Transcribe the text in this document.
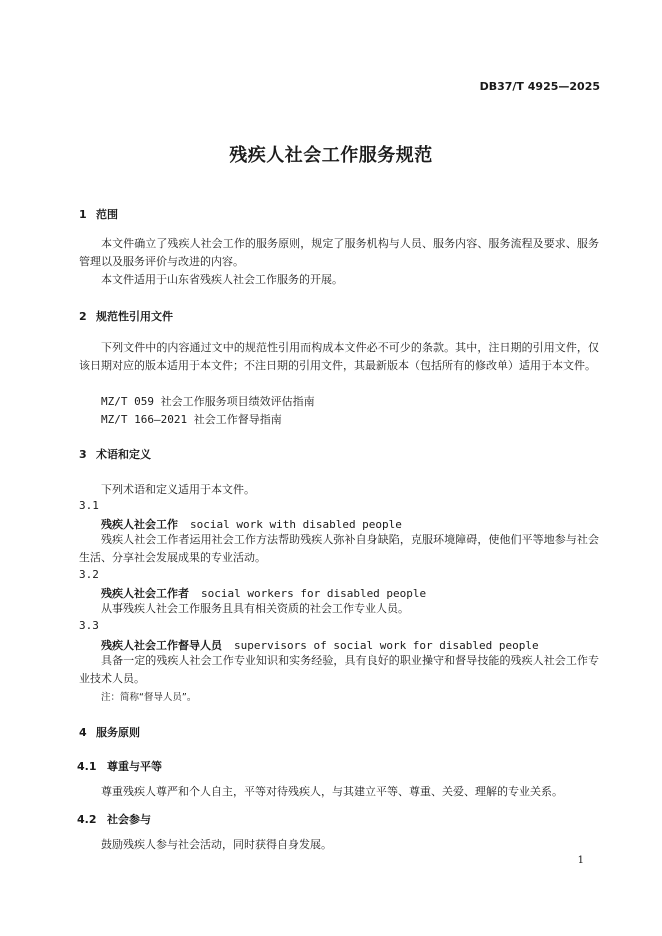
DB37/T 4925—2025
残疾人社会工作服务规范
1 范围
本文件确立了残疾人社会工作的服务原则，规定了服务机构与人员、服务内容、服务流程及要求、服务管理以及服务评价与改进的内容。
本文件适用于山东省残疾人社会工作服务的开展。
2 规范性引用文件
下列文件中的内容通过文中的规范性引用而构成本文件必不可少的条款。其中，注日期的引用文件，仅该日期对应的版本适用于本文件；不注日期的引用文件，其最新版本（包括所有的修改单）适用于本文件。
MZ/T 059 社会工作服务项目绩效评估指南
MZ/T 166—2021 社会工作督导指南
3 术语和定义
下列术语和定义适用于本文件。
3.1
残疾人社会工作 social work with disabled people
残疾人社会工作者运用社会工作方法帮助残疾人弥补自身缺陷，克服环境障碍，使他们平等地参与社会生活、分享社会发展成果的专业活动。
3.2
残疾人社会工作者 social workers for disabled people
从事残疾人社会工作服务且具有相关资质的社会工作专业人员。
3.3
残疾人社会工作督导人员 supervisors of social work for disabled people
具备一定的残疾人社会工作专业知识和实务经验，具有良好的职业操守和督导技能的残疾人社会工作专业技术人员。
注：简称“督导人员”。
4 服务原则
4.1 尊重与平等
尊重残疾人尊严和个人自主，平等对待残疾人，与其建立平等、尊重、关爱、理解的专业关系。
4.2 社会参与
鼓励残疾人参与社会活动，同时获得自身发展。
1
